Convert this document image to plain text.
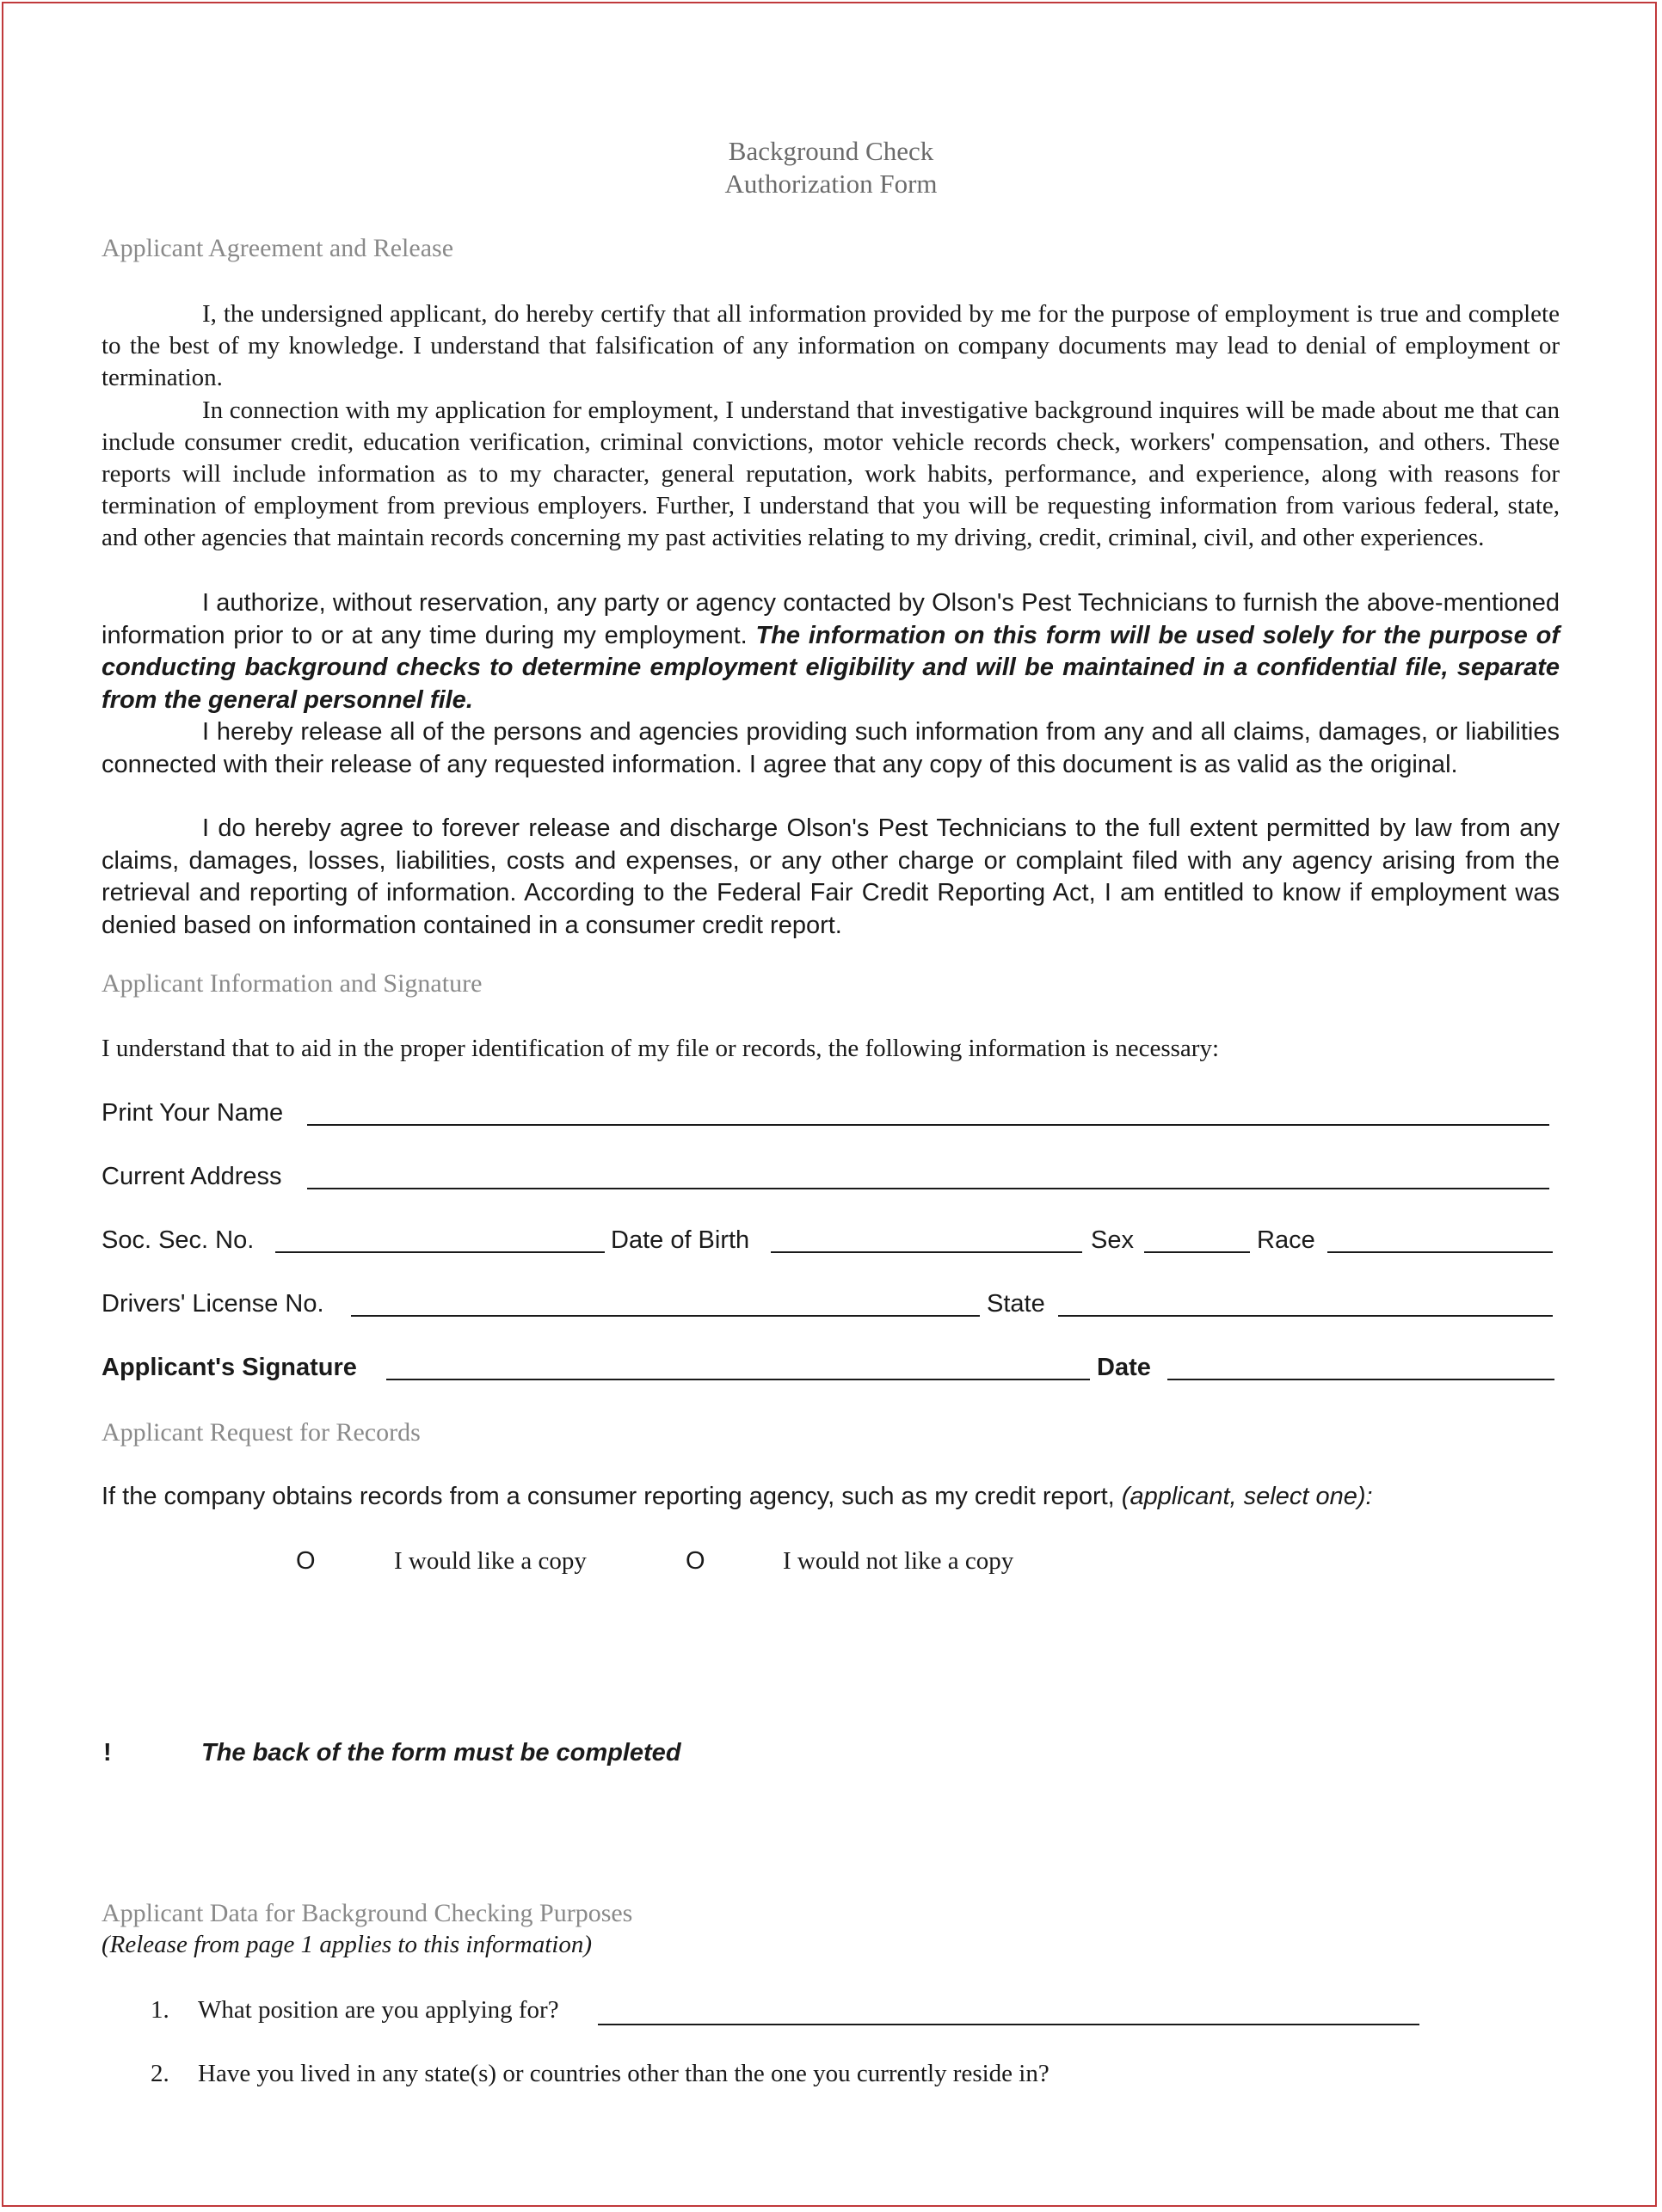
Background Check
Authorization Form
Applicant Agreement and Release

I, the undersigned applicant, do hereby certify that all information provided by me for the purpose of employment is true and complete to the best of my knowledge. I understand that falsification of any information on company documents may lead to denial of employment or termination.

In connection with my application for employment, I understand that investigative background inquires will be made about me that can include consumer credit, education verification, criminal convictions, motor vehicle records check, workers' compensation, and others. These reports will include information as to my character, general reputation, work habits, performance, and experience, along with reasons for termination of employment from previous employers. Further, I understand that you will be requesting information from various federal, state, and other agencies that maintain records concerning my past activities relating to my driving, credit, criminal, civil, and other experiences.

I authorize, without reservation, any party or agency contacted by Olson's Pest Technicians to furnish the above-mentioned information prior to or at any time during my employment. The information on this form will be used solely for the purpose of conducting background checks to determine employment eligibility and will be maintained in a confidential file, separate from the general personnel file.

I hereby release all of the persons and agencies providing such information from any and all claims, damages, or liabilities connected with their release of any requested information. I agree that any copy of this document is as valid as the original.

I do hereby agree to forever release and discharge Olson's Pest Technicians to the full extent permitted by law from any claims, damages, losses, liabilities, costs and expenses, or any other charge or complaint filed with any agency arising from the retrieval and reporting of information. According to the Federal Fair Credit Reporting Act, I am entitled to know if employment was denied based on information contained in a consumer credit report.

Applicant Information and Signature
I understand that to aid in the proper identification of my file or records, the following information is necessary:
Print Your Name
Current Address
Soc. Sec. No.	Date of Birth	Sex	Race
Drivers' License No.	State
Applicant's Signature	Date
Applicant Request for Records
If the company obtains records from a consumer reporting agency, such as my credit report, (applicant, select one):
O	I would like a copy	O	I would not like a copy
!	The back of the form must be completed
Applicant Data for Background Checking Purposes
(Release from page 1 applies to this information)
1. What position are you applying for?
2. Have you lived in any state(s) or countries other than the one you currently reside in?
